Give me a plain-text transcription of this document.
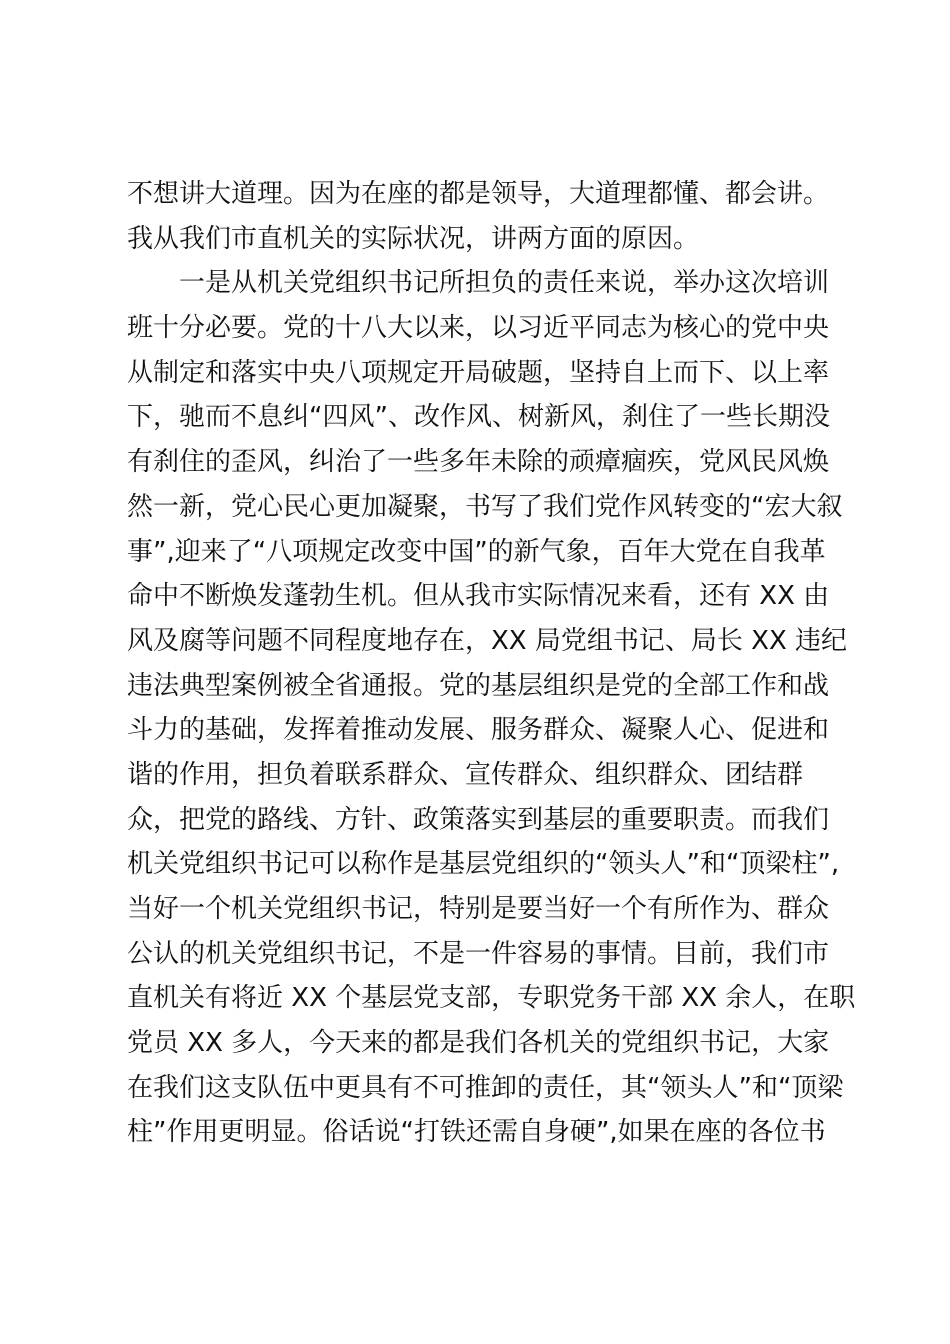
不想讲大道理。因为在座的都是领导，大道理都懂、都会讲。
我从我们市直机关的实际状况，讲两方面的原因。
一是从机关党组织书记所担负的责任来说，举办这次培训
班十分必要。党的十八大以来，以习近平同志为核心的党中央
从制定和落实中央八项规定开局破题，坚持自上而下、以上率
下，驰而不息纠“四风”、改作风、树新风，刹住了一些长期没
有刹住的歪风，纠治了一些多年未除的顽瘴痼疾，党风民风焕
然一新，党心民心更加凝聚，书写了我们党作风转变的“宏大叙
事”,迎来了“八项规定改变中国”的新气象，百年大党在自我革
命中不断焕发蓬勃生机。但从我市实际情况来看，还有 XX 由
风及腐等问题不同程度地存在，XX 局党组书记、局长 XX 违纪
违法典型案例被全省通报。党的基层组织是党的全部工作和战
斗力的基础，发挥着推动发展、服务群众、凝聚人心、促进和
谐的作用，担负着联系群众、宣传群众、组织群众、团结群
众，把党的路线、方针、政策落实到基层的重要职责。而我们
机关党组织书记可以称作是基层党组织的“领头人”和“顶梁柱”,
当好一个机关党组织书记，特别是要当好一个有所作为、群众
公认的机关党组织书记，不是一件容易的事情。目前，我们市
直机关有将近 XX 个基层党支部，专职党务干部 XX 余人，在职
党员 XX 多人，今天来的都是我们各机关的党组织书记，大家
在我们这支队伍中更具有不可推卸的责任，其“领头人”和“顶梁
柱”作用更明显。俗话说“打铁还需自身硬”,如果在座的各位书
